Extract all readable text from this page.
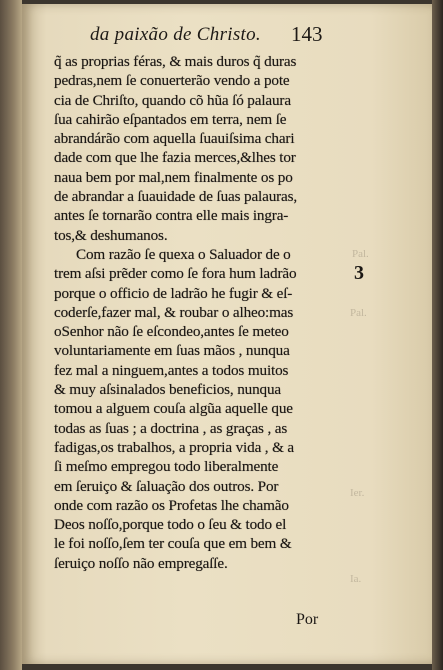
Pal.
Pal.
Ier.
Ia.
da paixão de Christo. 143
q̃ as proprias féras, & mais duros q̃ duras
pedras,nem ſe conuerterão vendo a pote
cia de Chriſto, quando cõ hũa ſó palaura
ſua cahirão eſpantados em terra, nem ſe
abrandárão com aquella ſuauiſsima chari
dade com que lhe fazia merces,&lhes tor
naua bem por mal,nem finalmente os po
de abrandar a ſuauidade de ſuas palauras,
antes ſe tornarão contra elle mais ingra-
tos,& deshumanos.
Com razão ſe quexa o Saluador de o
trem aſsi prẽder como ſe fora hum ladrão
porque o officio de ladrão he fugir & eſ-
coderſe,fazer mal, & roubar o alheo:mas
oSenhor não ſe eſcondeo,antes ſe meteo
voluntariamente em ſuas mãos , nunqua
fez mal a ninguem,antes a todos muitos
& muy aſsinalados beneficios, nunqua
tomou a alguem couſa algũa aquelle que
todas as ſuas ; a doctrina , as graças , as
fadigas,os trabalhos, a propria vida , & a
ſi meſmo empregou todo liberalmente
em ſeruiço & ſaluação dos outros. Por
onde com razão os Profetas lhe chamão
Deos noſſo,porque todo o ſeu & todo el
le foi noſſo,ſem ter couſa que em bem &
ſeruiço noſſo não empregaſſe.
3
Por
